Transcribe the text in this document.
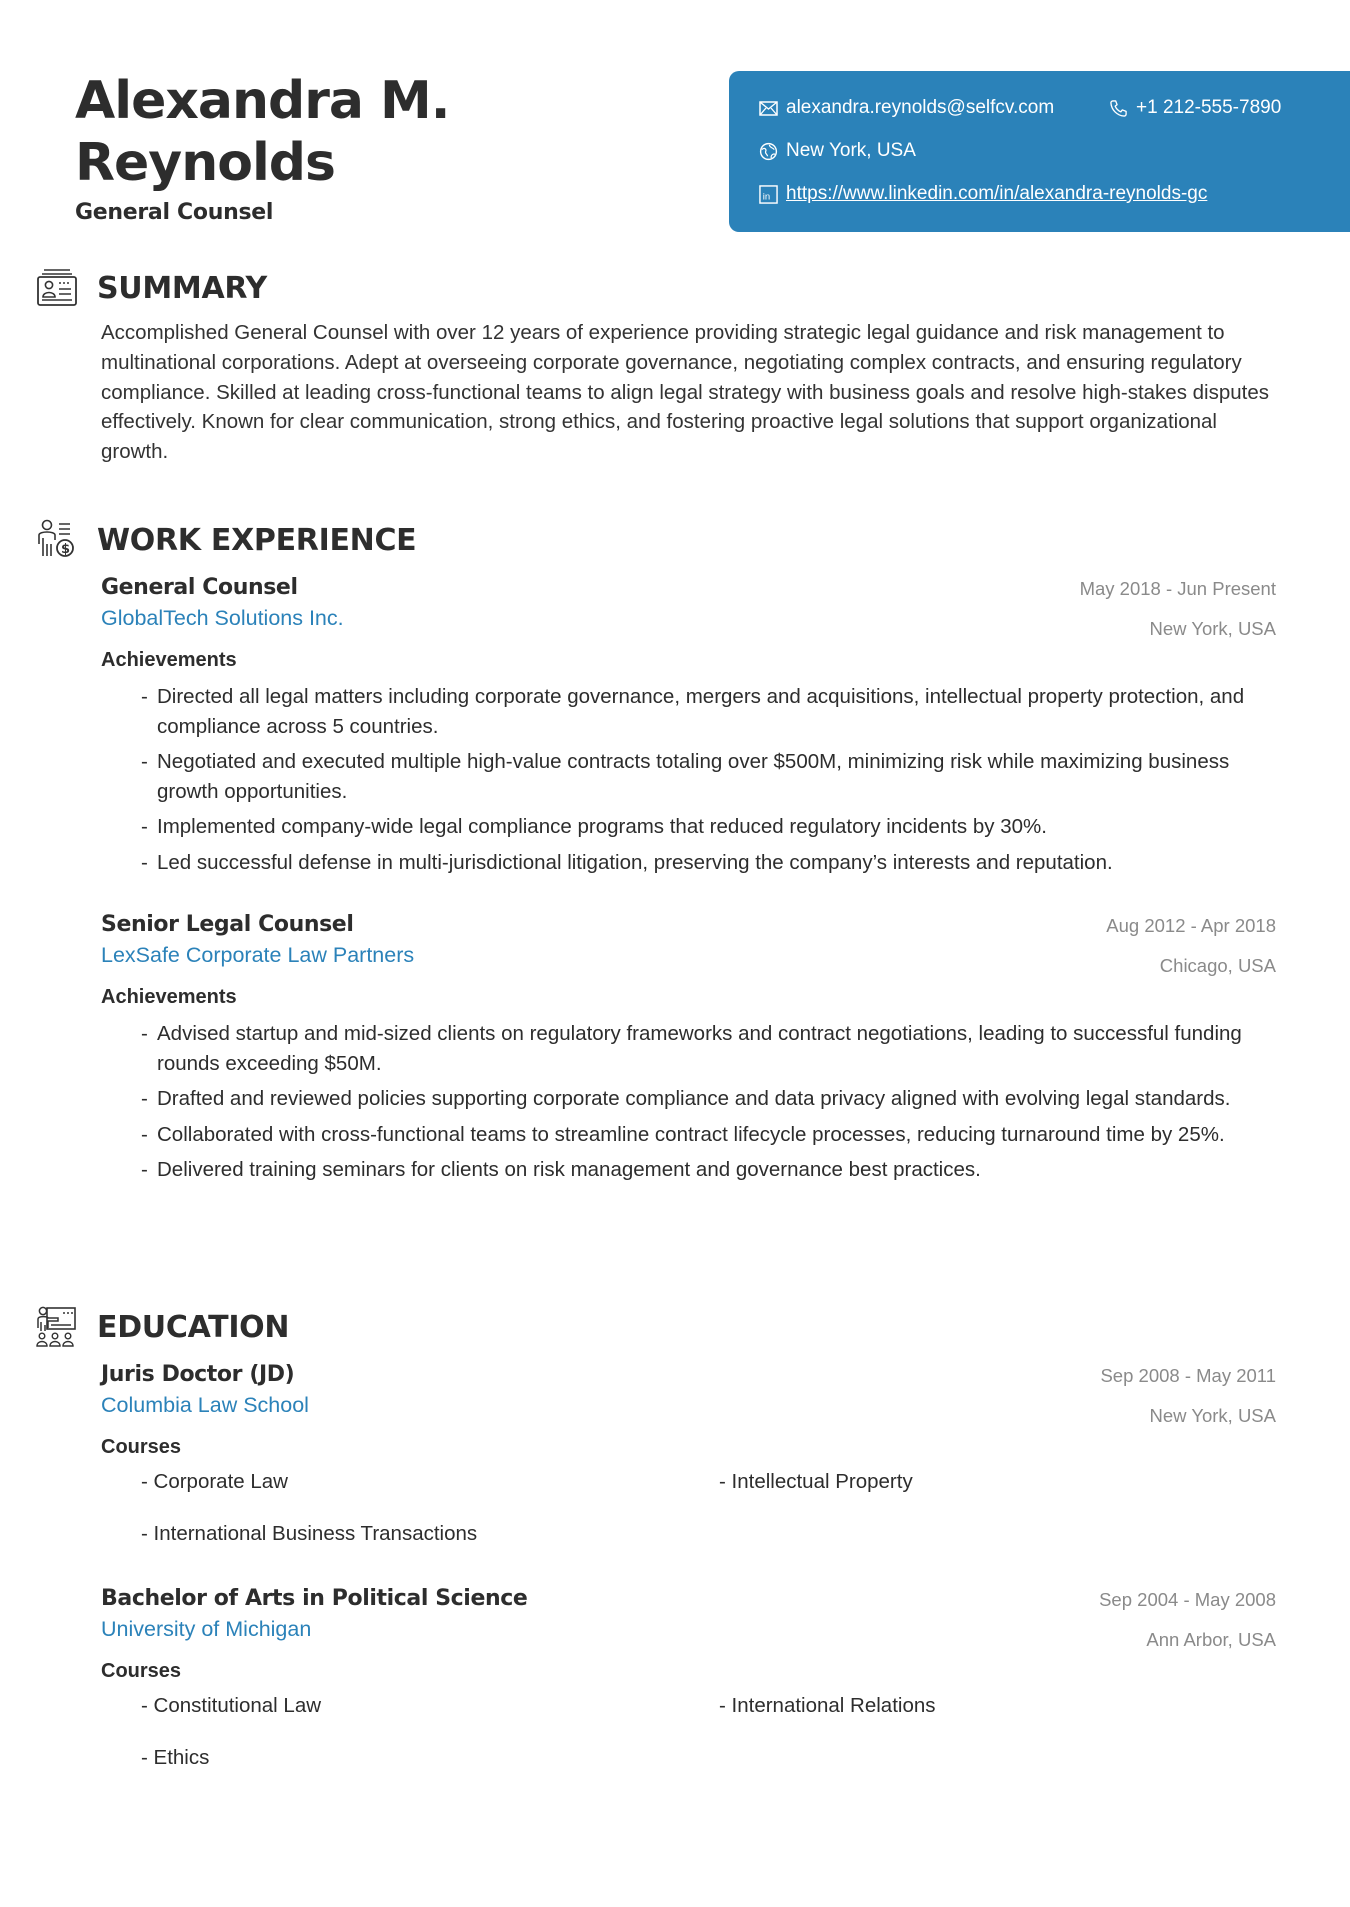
Alexandra M.
Reynolds
General Counsel
alexandra.reynolds@selfcv.com	+1 212-555-7890
New York, USA
in https://www.linkedin.com/in/alexandra-reynolds-gc
SUMMARY
Accomplished General Counsel with over 12 years of experience providing strategic legal guidance and risk management to multinational corporations. Adept at overseeing corporate governance, negotiating complex contracts, and ensuring regulatory compliance. Skilled at leading cross-functional teams to align legal strategy with business goals and resolve high-stakes disputes effectively. Known for clear communication, strong ethics, and fostering proactive legal solutions that support organizational growth.
$ WORK EXPERIENCE
General Counsel
GlobalTech Solutions Inc.
May 2018 - Jun Present
New York, USA
Achievements
- Directed all legal matters including corporate governance, mergers and acquisitions, intellectual property protection, and compliance across 5 countries.
- Negotiated and executed multiple high-value contracts totaling over $500M, minimizing risk while maximizing business growth opportunities.
- Implemented company-wide legal compliance programs that reduced regulatory incidents by 30%.
- Led successful defense in multi-jurisdictional litigation, preserving the company’s interests and reputation.
Senior Legal Counsel
LexSafe Corporate Law Partners
Aug 2012 - Apr 2018
Chicago, USA
Achievements
- Advised startup and mid-sized clients on regulatory frameworks and contract negotiations, leading to successful funding rounds exceeding $50M.
- Drafted and reviewed policies supporting corporate compliance and data privacy aligned with evolving legal standards.
- Collaborated with cross-functional teams to streamline contract lifecycle processes, reducing turnaround time by 25%.
- Delivered training seminars for clients on risk management and governance best practices.
EDUCATION
Juris Doctor (JD)
Columbia Law School
Sep 2008 - May 2011
New York, USA
Courses
- Corporate Law	- Intellectual Property
- International Business Transactions
Bachelor of Arts in Political Science
University of Michigan
Sep 2004 - May 2008
Ann Arbor, USA
Courses
- Constitutional Law	- International Relations
- Ethics
